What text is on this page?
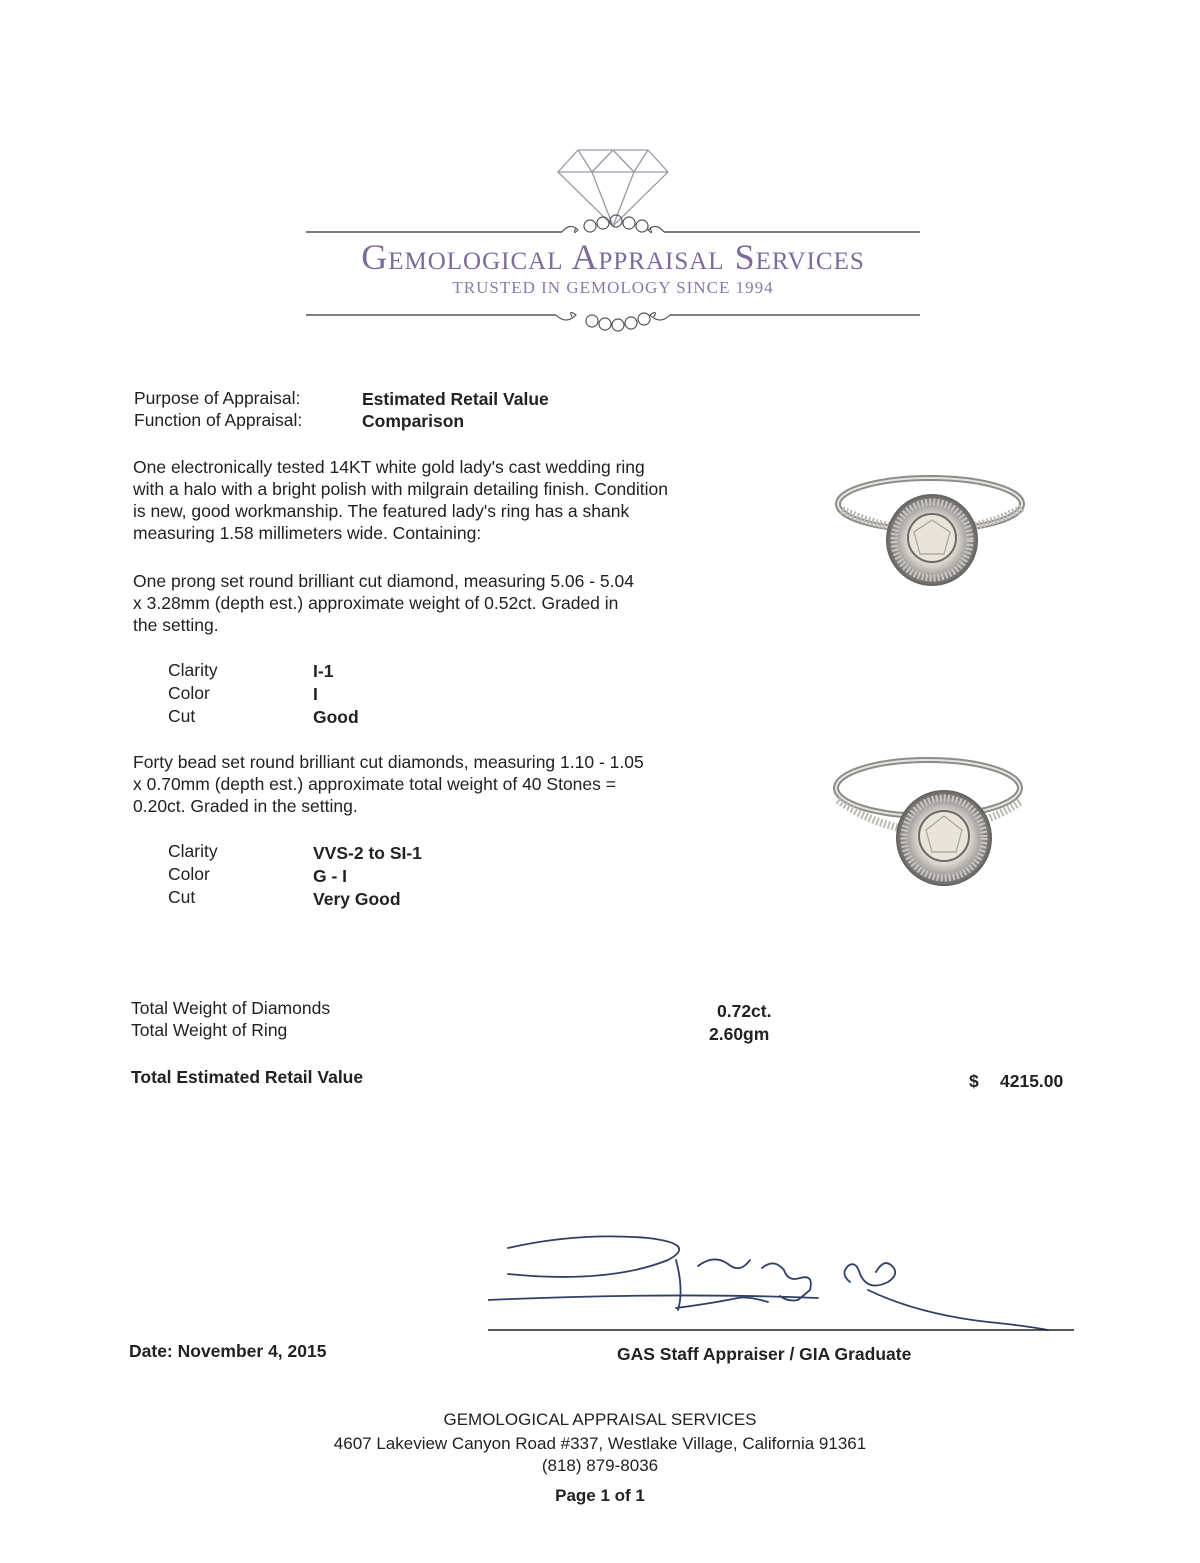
Gemological Appraisal Services
TRUSTED IN GEMOLOGY SINCE 1994
Purpose of Appraisal:	Estimated Retail Value
Function of Appraisal:	Comparison
One electronically tested 14KT white gold lady's cast wedding ring
with a halo with a bright polish with milgrain detailing finish. Condition
is new, good workmanship. The featured lady's ring has a shank
measuring 1.58 millimeters wide. Containing:
One prong set round brilliant cut diamond, measuring 5.06 - 5.04
x 3.28mm (depth est.) approximate weight of 0.52ct. Graded in
the setting.
Clarity	I-1
Color	I
Cut	Good
Forty bead set round brilliant cut diamonds, measuring 1.10 - 1.05
x 0.70mm (depth est.) approximate total weight of 40 Stones =
0.20ct. Graded in the setting.
Clarity	VVS-2 to SI-1
Color	G - I
Cut	Very Good
Total Weight of Diamonds	0.72ct.
Total Weight of Ring	2.60gm
Total Estimated Retail Value	$ 4215.00
Date: November 4, 2015	GAS Staff Appraiser / GIA Graduate
GEMOLOGICAL APPRAISAL SERVICES
4607 Lakeview Canyon Road #337, Westlake Village, California 91361
(818) 879-8036
Page 1 of 1
